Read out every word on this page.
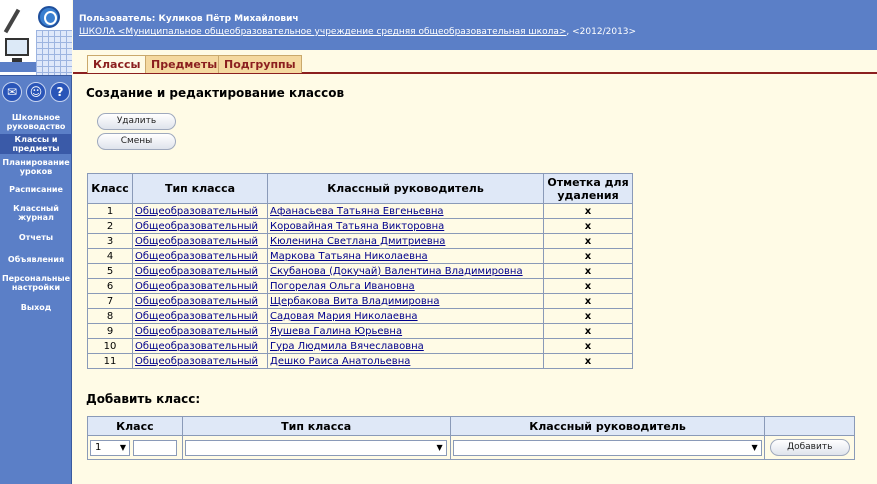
✉	☺	?
Школьное руководство
Классы и предметы
Планирование уроков
Расписание
Классный журнал
Отчеты
Объявления
Персональные настройки
Выход
Пользователь: Куликов Пётр Михайлович
ШКОЛА <Муниципальное общеобразовательное учреждение средняя общеобразовательная школа>, <2012/2013>
Классы Предметы Подгруппы
Создание и редактирование классов
Удалить
Смены
Класс	Тип класса	Классный руководитель	Отметка для удаления
1	Общеобразовательный	Афанасьева Татьяна Евгеньевна	x
2	Общеобразовательный	Коровайная Татьяна Викторовна	x
3	Общеобразовательный	Кюленина Светлана Дмитриевна	x
4	Общеобразовательный	Маркова Татьяна Николаевна	x
5	Общеобразовательный	Скубанова (Докучай) Валентина Владимировна	x
6	Общеобразовательный	Погорелая Ольга Ивановна	x
7	Общеобразовательный	Щербакова Вита Владимировна	x
8	Общеобразовательный	Садовая Мария Николаевна	x
9	Общеобразовательный	Яушева Галина Юрьевна	x
10	Общеобразовательный	Гура Людмила Вячеславовна	x
11	Общеобразовательный	Дешко Раиса Анатольевна	x
Добавить класс:
Класс	Тип класса	Классный руководитель	
1 ▼	▼	▼	Добавить
